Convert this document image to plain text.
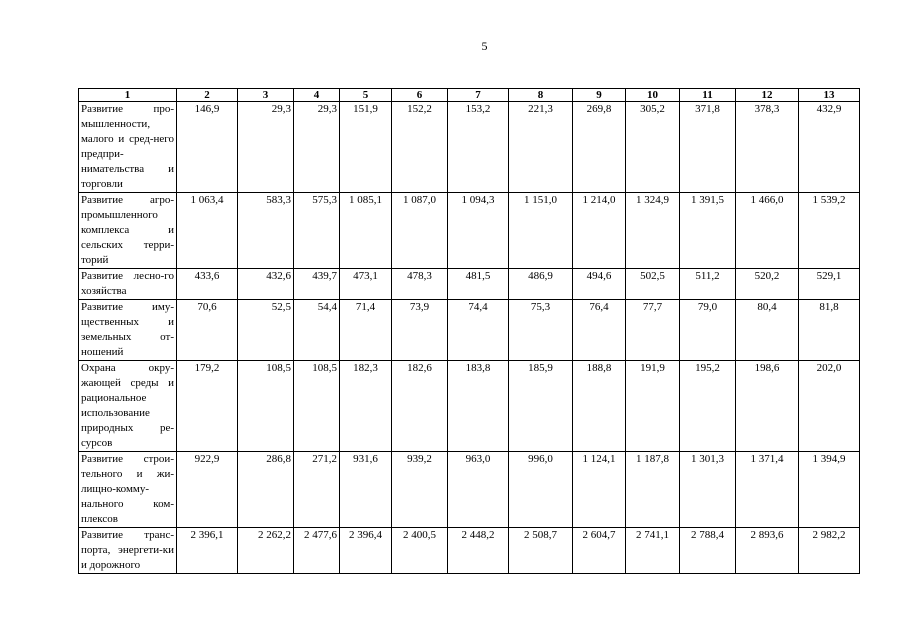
5
1	2	3	4	5	6	7	8	9	10	11	12	13
Развитие про-мышленности, малого и сред-него предпри-нимательства и торговли	146,9	29,3	29,3	151,9	152,2	153,2	221,3	269,8	305,2	371,8	378,3	432,9
Развитие агро-промышленного комплекса и сельских терри-торий	1 063,4	583,3	575,3	1 085,1	1 087,0	1 094,3	1 151,0	1 214,0	1 324,9	1 391,5	1 466,0	1 539,2
Развитие лесно-го хозяйства	433,6	432,6	439,7	473,1	478,3	481,5	486,9	494,6	502,5	511,2	520,2	529,1
Развитие иму-щественных и земельных от-ношений	70,6	52,5	54,4	71,4	73,9	74,4	75,3	76,4	77,7	79,0	80,4	81,8
Охрана окру-жающей среды и рациональное использование природных ре-сурсов	179,2	108,5	108,5	182,3	182,6	183,8	185,9	188,8	191,9	195,2	198,6	202,0
Развитие строи-тельного и жи-лищно-комму-нального ком-плексов	922,9	286,8	271,2	931,6	939,2	963,0	996,0	1 124,1	1 187,8	1 301,3	1 371,4	1 394,9
Развитие транс-порта, энергети-ки и дорожного	2 396,1	2 262,2	2 477,6	2 396,4	2 400,5	2 448,2	2 508,7	2 604,7	2 741,1	2 788,4	2 893,6	2 982,2
